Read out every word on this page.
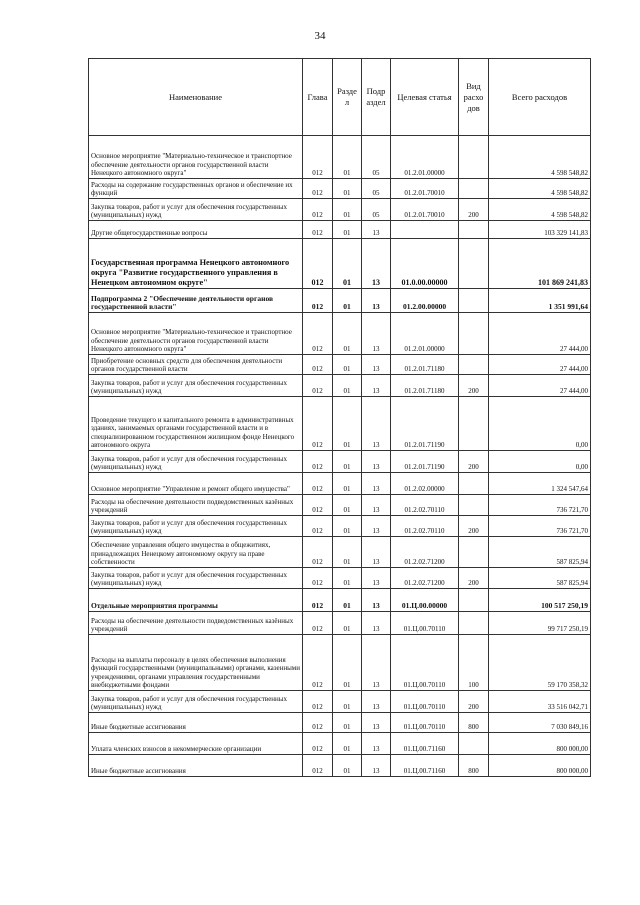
34
Наименование	Глава	Разде л	Подр аздел	Целевая статья	Вид расхо дов	Всего расходов
Основное мероприятие "Материально-техническое и транспортное обеспечение деятельности органов государственной власти Ненецкого автономного округа"	012	01	05	01.2.01.00000		4 598 548,82
Расходы на содержание государственных органов и обеспечение их функций	012	01	05	01.2.01.70010		4 598 548,82
Закупка товаров, работ и услуг для обеспечения государственных (муниципальных) нужд	012	01	05	01.2.01.70010	200	4 598 548,82
Другие общегосударственные вопросы	012	01	13			103 329 141,83
Государственная программа Ненецкого автономного округа "Развитие государственного управления в Ненецком автономном округе"	012	01	13	01.0.00.00000		101 869 241,83
Подпрограмма 2 "Обеспечение деятельности органов государственной власти"	012	01	13	01.2.00.00000		1 351 991,64
Основное мероприятие "Материально-техническое и транспортное обеспечение деятельности органов государственной власти Ненецкого автономного округа"	012	01	13	01.2.01.00000		27 444,00
Приобретение основных средств для обеспечения деятельности органов государственной власти	012	01	13	01.2.01.71180		27 444,00
Закупка товаров, работ и услуг для обеспечения государственных (муниципальных) нужд	012	01	13	01.2.01.71180	200	27 444,00
Проведение текущего и капитального ремонта в административных зданиях, занимаемых органами государственной власти и в специализированном государственном жилищном фонде Ненецкого автономного округа	012	01	13	01.2.01.71190		0,00
Закупка товаров, работ и услуг для обеспечения государственных (муниципальных) нужд	012	01	13	01.2.01.71190	200	0,00
Основное мероприятие "Управление и ремонт общего имущества"	012	01	13	01.2.02.00000		1 324 547,64
Расходы на обеспечение деятельности подведомственных казённых учреждений	012	01	13	01.2.02.70110		736 721,70
Закупка товаров, работ и услуг для обеспечения государственных (муниципальных) нужд	012	01	13	01.2.02.70110	200	736 721,70
Обеспечение управления общего имущества в общежитиях, принадлежащих Ненецкому автономному округу на праве собственности	012	01	13	01.2.02.71200		587 825,94
Закупка товаров, работ и услуг для обеспечения государственных (муниципальных) нужд	012	01	13	01.2.02.71200	200	587 825,94
Отдельные мероприятия программы	012	01	13	01.Ц.00.00000		100 517 250,19
Расходы на обеспечение деятельности подведомственных казённых учреждений	012	01	13	01.Ц.00.70110		99 717 250,19
Расходы на выплаты персоналу в целях обеспечения выполнения функций государственными (муниципальными) органами, казенными учреждениями, органами управления государственными внебюджетными фондами	012	01	13	01.Ц.00.70110	100	59 170 358,32
Закупка товаров, работ и услуг для обеспечения государственных (муниципальных) нужд	012	01	13	01.Ц.00.70110	200	33 516 042,71
Иные бюджетные ассигнования	012	01	13	01.Ц.00.70110	800	7 030 849,16
Уплата членских взносов в некоммерческие организации	012	01	13	01.Ц.00.71160		800 000,00
Иные бюджетные ассигнования	012	01	13	01.Ц.00.71160	800	800 000,00
